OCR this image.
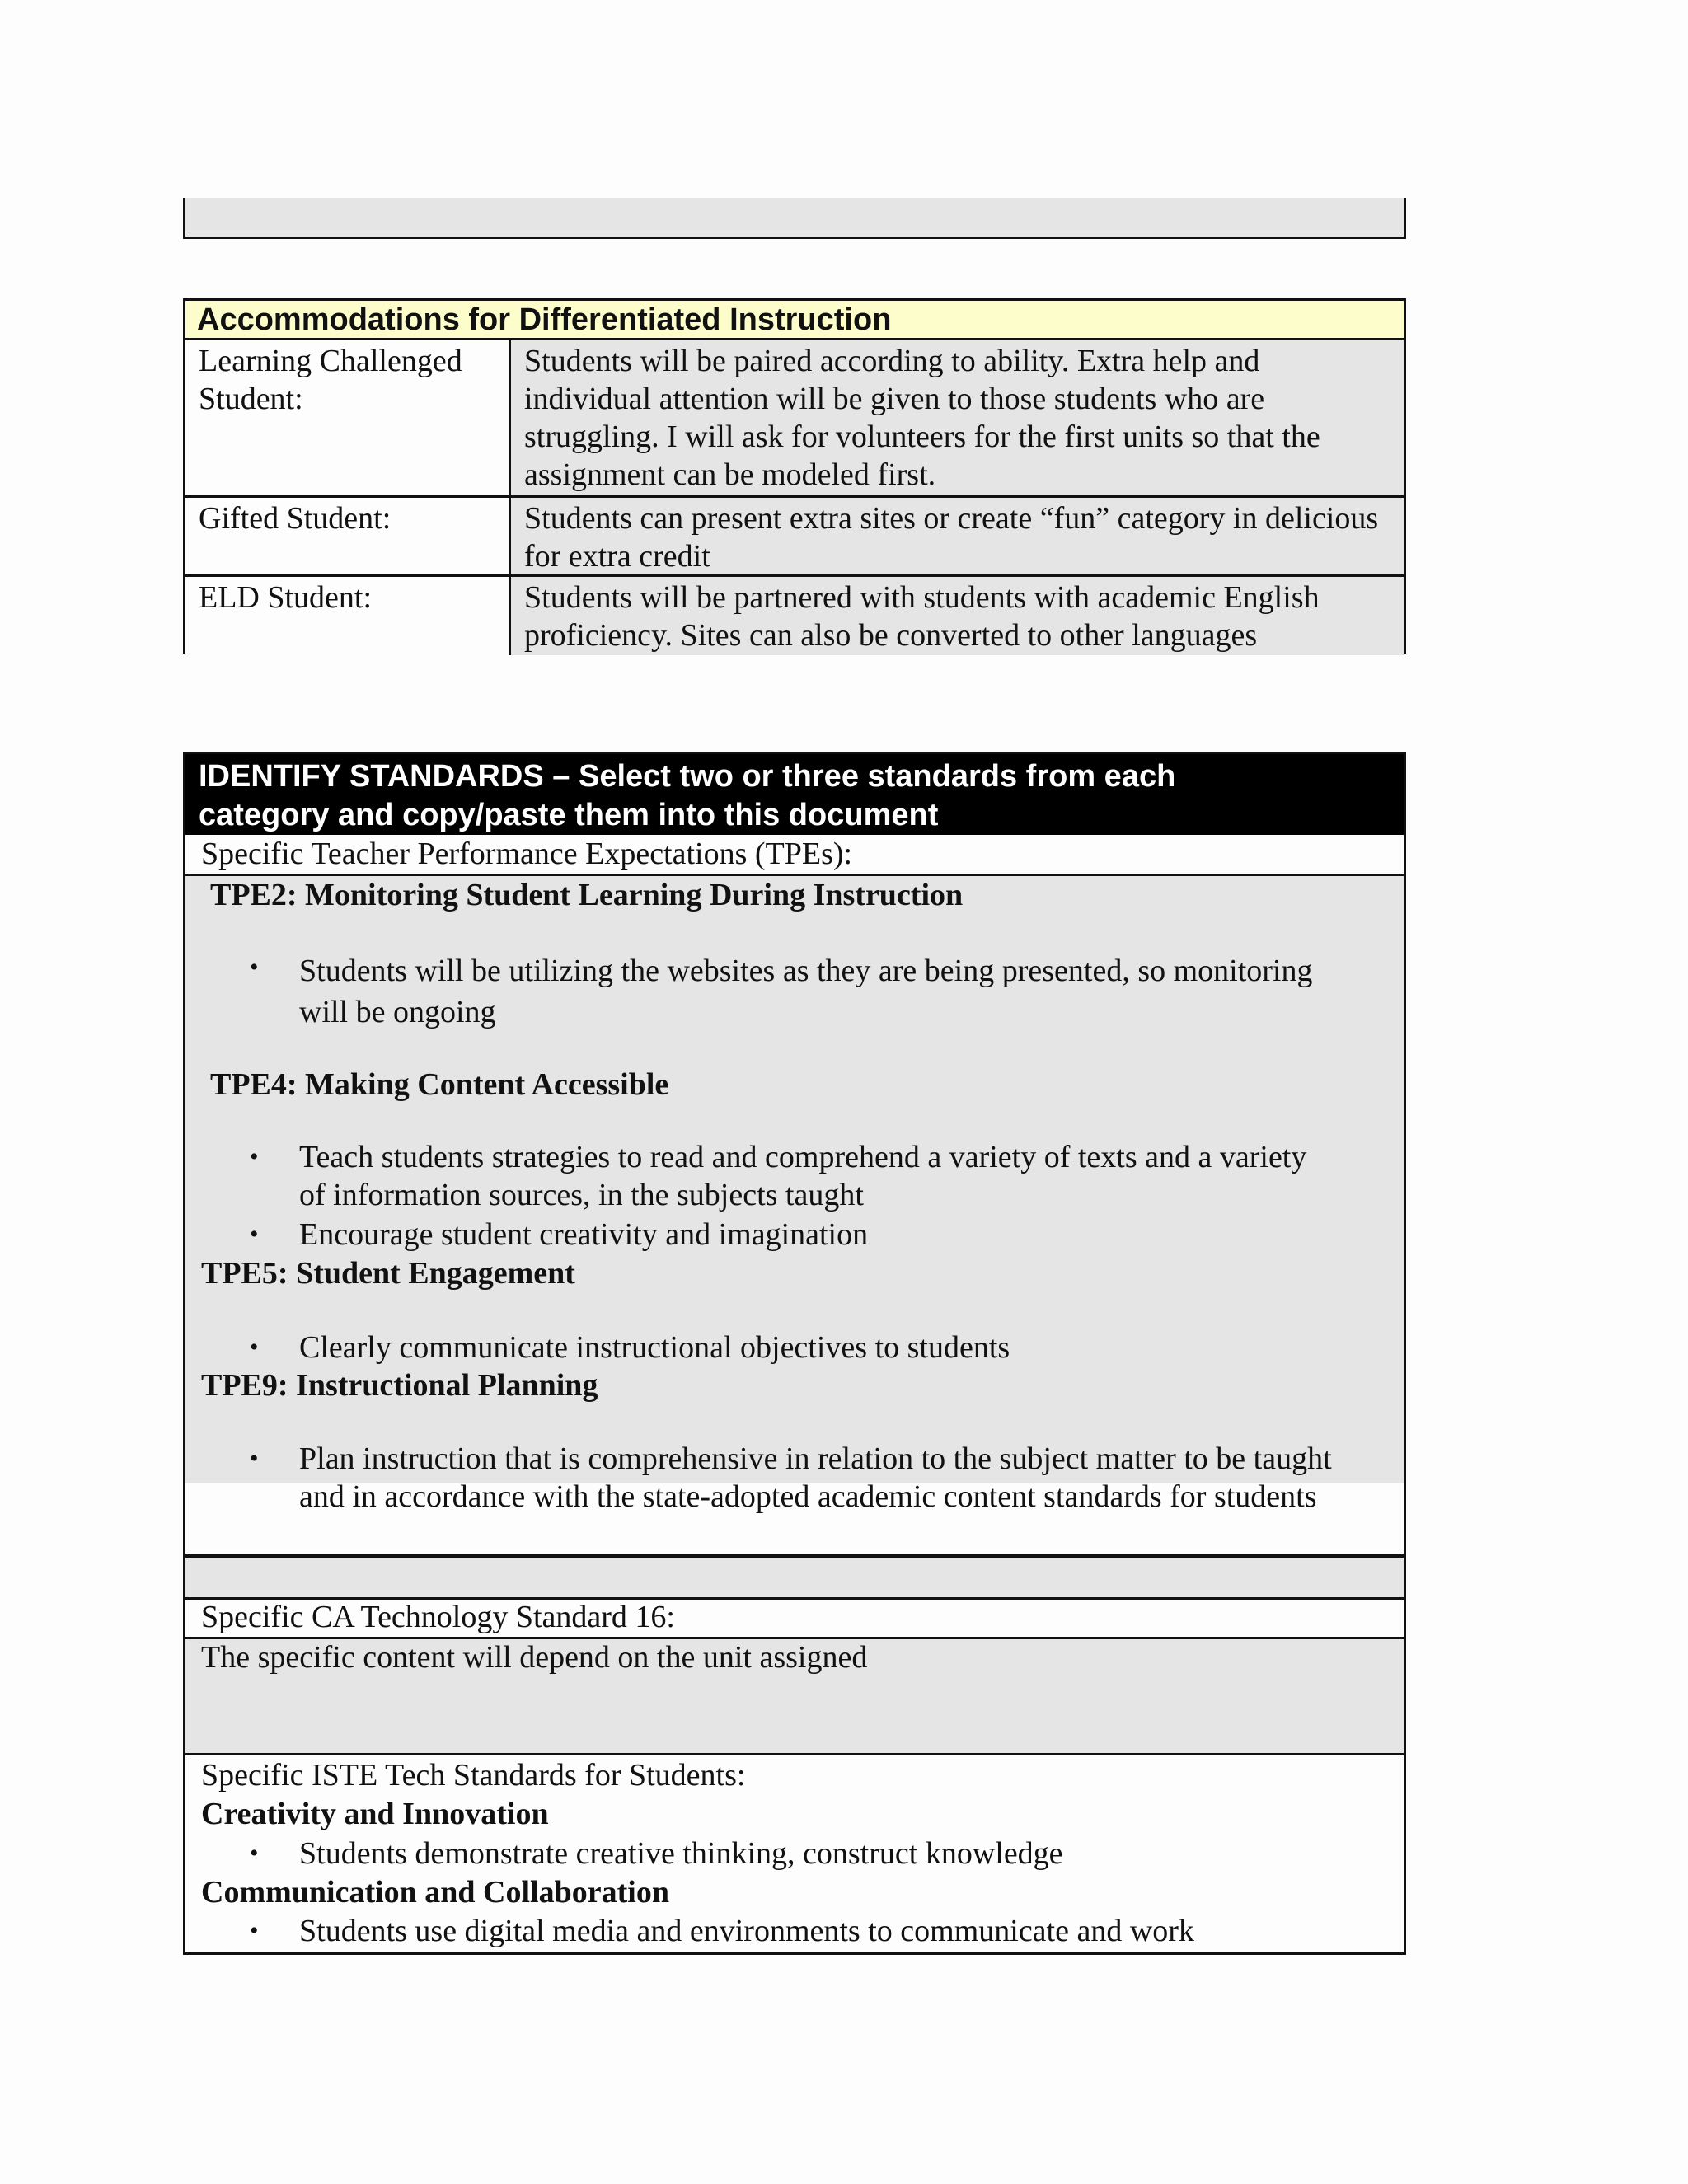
Accommodations for Differentiated Instruction
Learning Challenged Student:
Students will be paired according to ability. Extra help and individual attention will be given to those students who are struggling. I will ask for volunteers for the first units so that the assignment can be modeled first.
Gifted Student:	Students can present extra sites or create “fun” category in delicious for extra credit
ELD Student:	Students will be partnered with students with academic English proficiency. Sites can also be converted to other languages
IDENTIFY STANDARDS – Select two or three standards from each
category and copy/paste them into this document
Specific Teacher Performance Expectations (TPEs):
TPE2: Monitoring Student Learning During Instruction
• Students will be utilizing the websites as they are being presented, so monitoring
will be ongoing
TPE4: Making Content Accessible
• Teach students strategies to read and comprehend a variety of texts and a variety
of information sources, in the subjects taught
• Encourage student creativity and imagination
TPE5: Student Engagement
• Clearly communicate instructional objectives to students
TPE9: Instructional Planning
• Plan instruction that is comprehensive in relation to the subject matter to be taught
and in accordance with the state-adopted academic content standards for students
Specific CA Technology Standard 16:
The specific content will depend on the unit assigned
Specific ISTE Tech Standards for Students:
Creativity and Innovation
• Students demonstrate creative thinking, construct knowledge
Communication and Collaboration
• Students use digital media and environments to communicate and work
